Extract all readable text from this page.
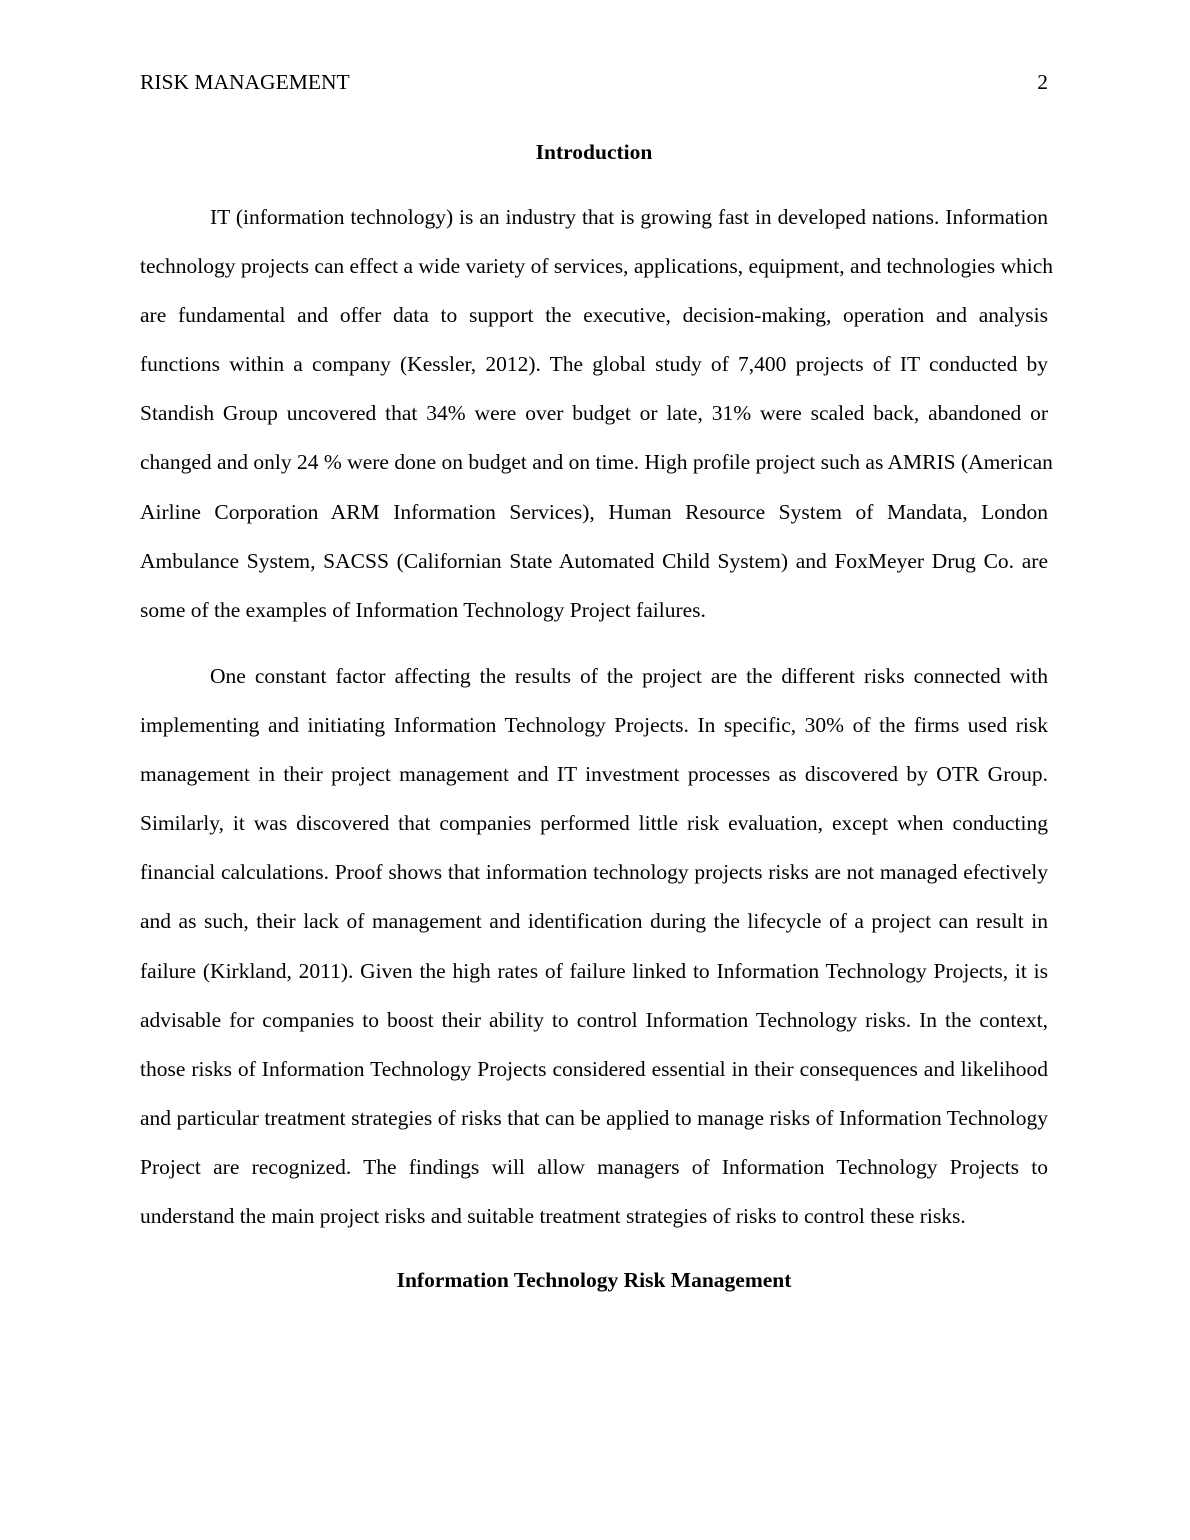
RISK MANAGEMENT	2
Introduction
IT (information technology) is an industry that is growing fast in developed nations. Information
technology projects can effect a wide variety of services, applications, equipment, and technologies which
are fundamental and offer data to support the executive, decision-making, operation and analysis
functions within a company (Kessler, 2012). The global study of 7,400 projects of IT conducted by
Standish Group uncovered that 34% were over budget or late, 31% were scaled back, abandoned or
changed and only 24 % were done on budget and on time. High profile project such as AMRIS (American
Airline Corporation ARM Information Services), Human Resource System of Mandata, London
Ambulance System, SACSS (Californian State Automated Child System) and FoxMeyer Drug Co. are
some of the examples of Information Technology Project failures.
One constant factor affecting the results of the project are the different risks connected with
implementing and initiating Information Technology Projects. In specific, 30% of the firms used risk
management in their project management and IT investment processes as discovered by OTR Group.
Similarly, it was discovered that companies performed little risk evaluation, except when conducting
financial calculations. Proof shows that information technology projects risks are not managed efectively
and as such, their lack of management and identification during the lifecycle of a project can result in
failure (Kirkland, 2011). Given the high rates of failure linked to Information Technology Projects, it is
advisable for companies to boost their ability to control Information Technology risks. In the context,
those risks of Information Technology Projects considered essential in their consequences and likelihood
and particular treatment strategies of risks that can be applied to manage risks of Information Technology
Project are recognized. The findings will allow managers of Information Technology Projects to
understand the main project risks and suitable treatment strategies of risks to control these risks.
Information Technology Risk Management
